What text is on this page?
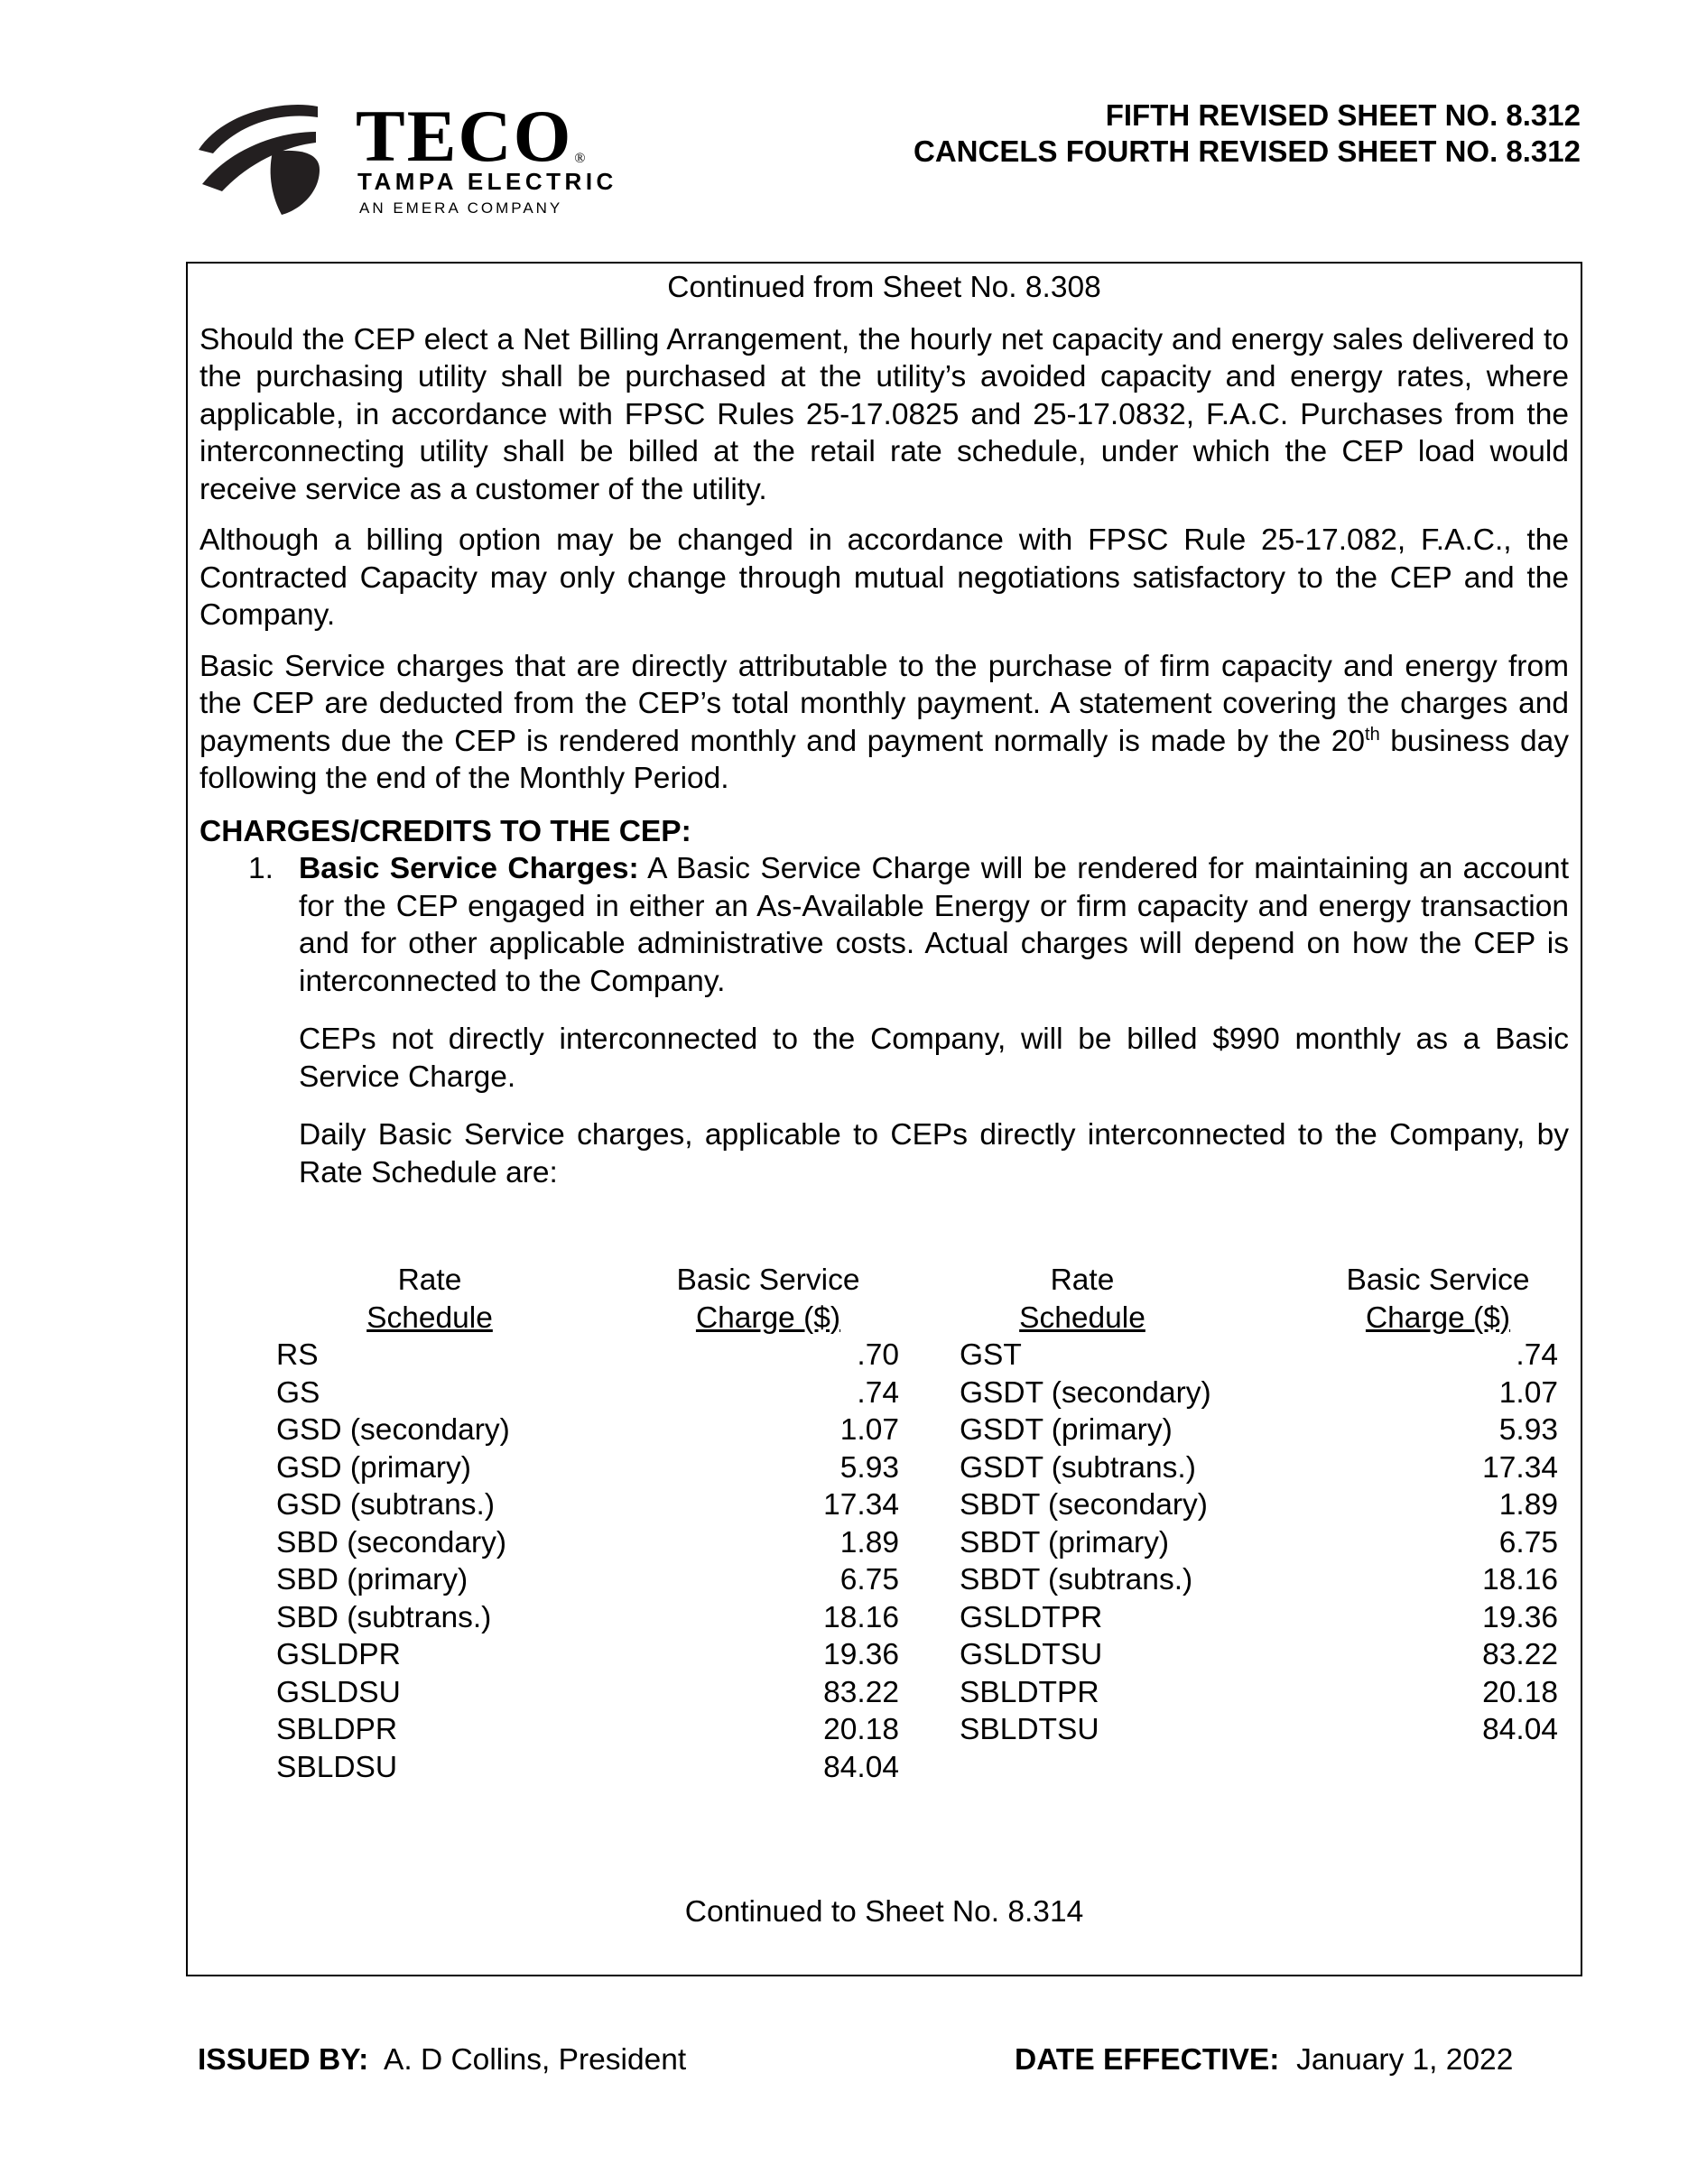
TECO ®
TAMPA ELECTRIC
AN EMERA COMPANY
FIFTH REVISED SHEET NO. 8.312
CANCELS FOURTH REVISED SHEET NO. 8.312
Continued from Sheet No. 8.308

Should the CEP elect a Net Billing Arrangement, the hourly net capacity and energy sales delivered to the purchasing utility shall be purchased at the utility’s avoided capacity and energy rates, where applicable, in accordance with FPSC Rules 25-17.0825 and 25-17.0832, F.A.C. Purchases from the interconnecting utility shall be billed at the retail rate schedule, under which the CEP load would receive service as a customer of the utility.

Although a billing option may be changed in accordance with FPSC Rule 25-17.082, F.A.C., the Contracted Capacity may only change through mutual negotiations satisfactory to the CEP and the Company.

Basic Service charges that are directly attributable to the purchase of firm capacity and energy from the CEP are deducted from the CEP’s total monthly payment. A statement covering the charges and payments due the CEP is rendered monthly and payment normally is made by the 20th business day following the end of the Monthly Period.

CHARGES/CREDITS TO THE CEP:
1. Basic Service Charges: A Basic Service Charge will be rendered for maintaining an account for the CEP engaged in either an As-Available Energy or firm capacity and energy transaction and for other applicable administrative costs. Actual charges will depend on how the CEP is interconnected to the Company.

CEPs not directly interconnected to the Company, will be billed $990 monthly as a Basic Service Charge.

Daily Basic Service charges, applicable to CEPs directly interconnected to the Company, by Rate Schedule are:

Rate
Schedule
Basic Service
Charge ($)
RS	.70
GS	.74
GSD (secondary)	1.07
GSD (primary)	5.93
GSD (subtrans.)	17.34
SBD (secondary)	1.89
SBD (primary)	6.75
SBD (subtrans.)	18.16
GSLDPR	19.36
GSLDSU	83.22
SBLDPR	20.18
SBLDSU	84.04
Rate
Schedule
Basic Service
Charge ($)
GST	.74
GSDT (secondary)	1.07
GSDT (primary)	5.93
GSDT (subtrans.)	17.34
SBDT (secondary)	1.89
SBDT (primary)	6.75
SBDT (subtrans.)	18.16
GSLDTPR	19.36
GSLDTSU	83.22
SBLDTPR	20.18
SBLDTSU	84.04
Continued to Sheet No. 8.314
ISSUED BY: A. D Collins, President	DATE EFFECTIVE: January 1, 2022
